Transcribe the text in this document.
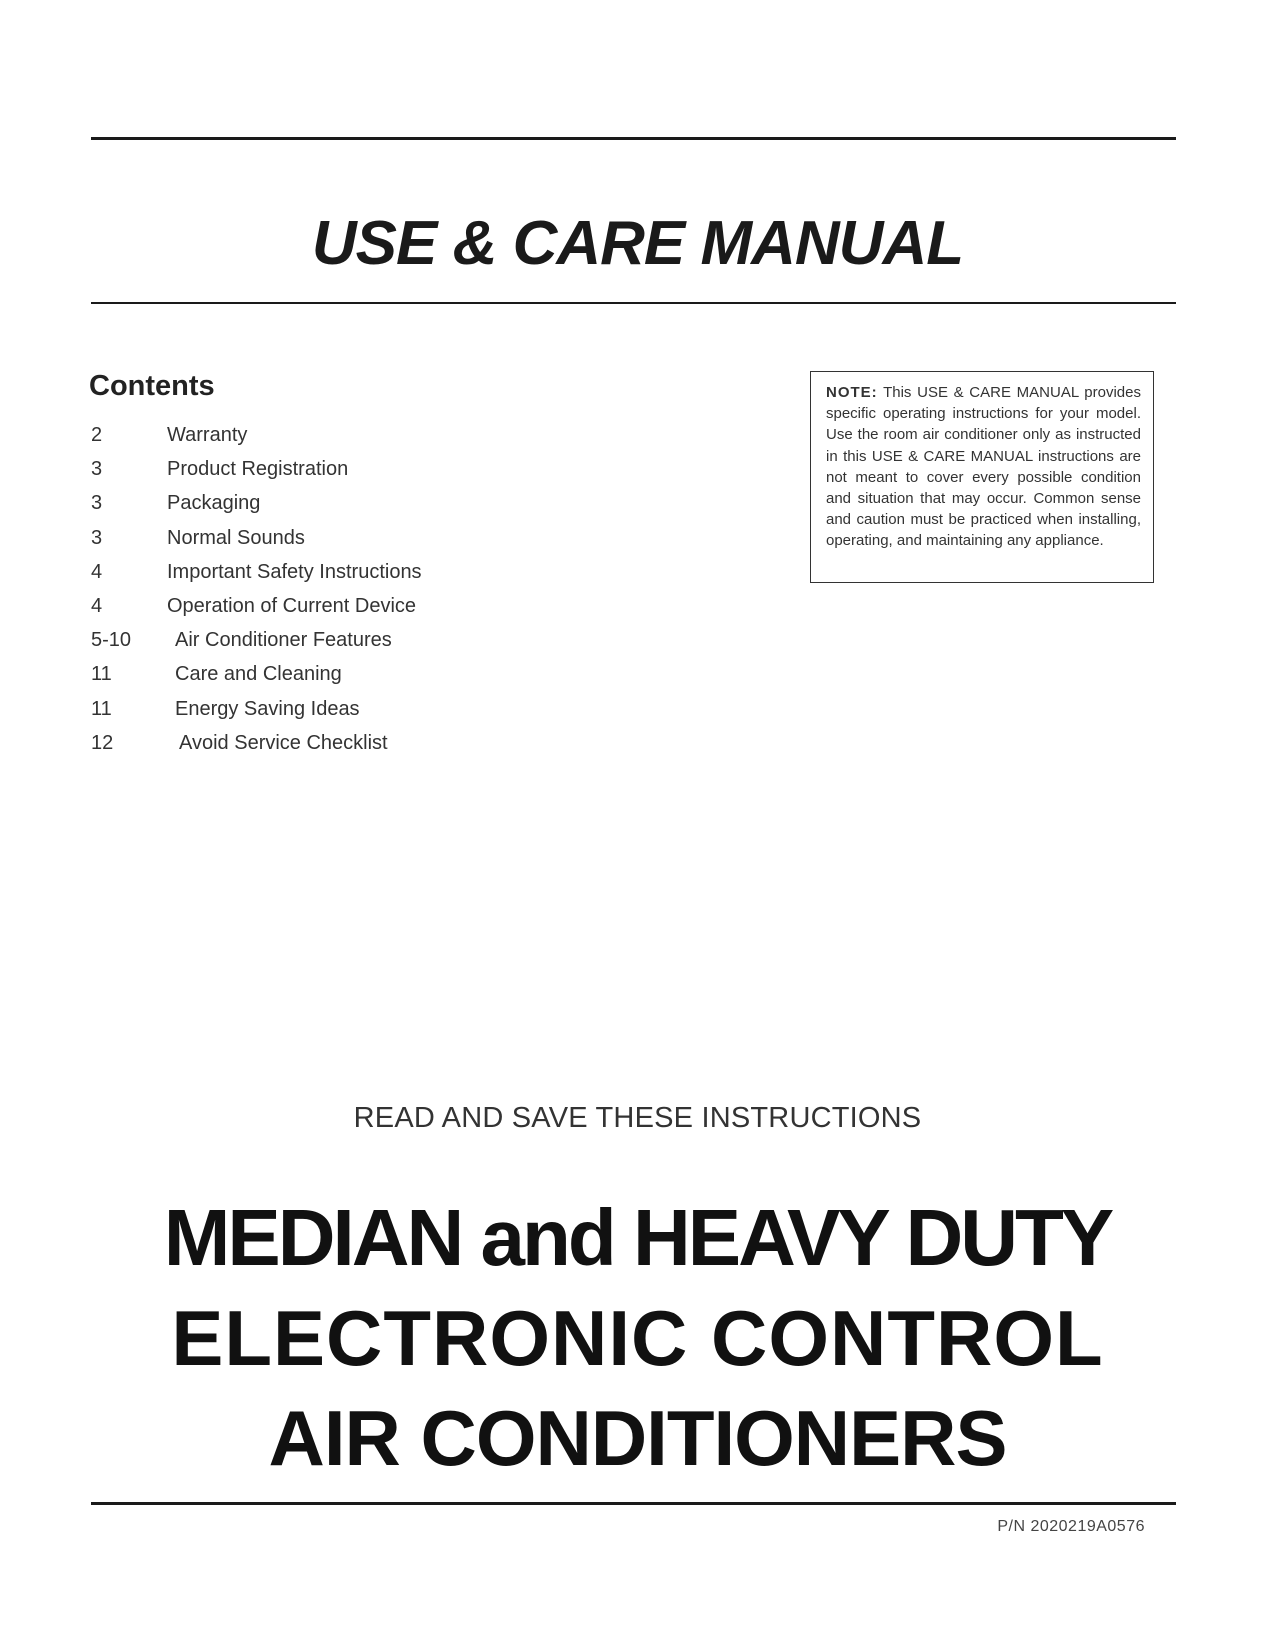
USE & CARE MANUAL
Contents
2	Warranty
3	Product Registration
3	Packaging
3	Normal Sounds
4	Important Safety Instructions
4	Operation of Current Device
5-10 Air Conditioner Features
11	Care and Cleaning
11	Energy Saving Ideas
12	Avoid Service Checklist
NOTE: This USE & CARE MANUAL provides specific operating instructions for your model. Use the room air conditioner only as instructed in this USE & CARE MANUAL instructions are not meant to cover every possible condition and situation that may occur. Common sense and caution must be practiced when installing, operating, and maintaining any appliance.
READ AND SAVE THESE INSTRUCTIONS
MEDIAN and HEAVY DUTY
ELECTRONIC CONTROL
AIR CONDITIONERS
P/N 2020219A0576
